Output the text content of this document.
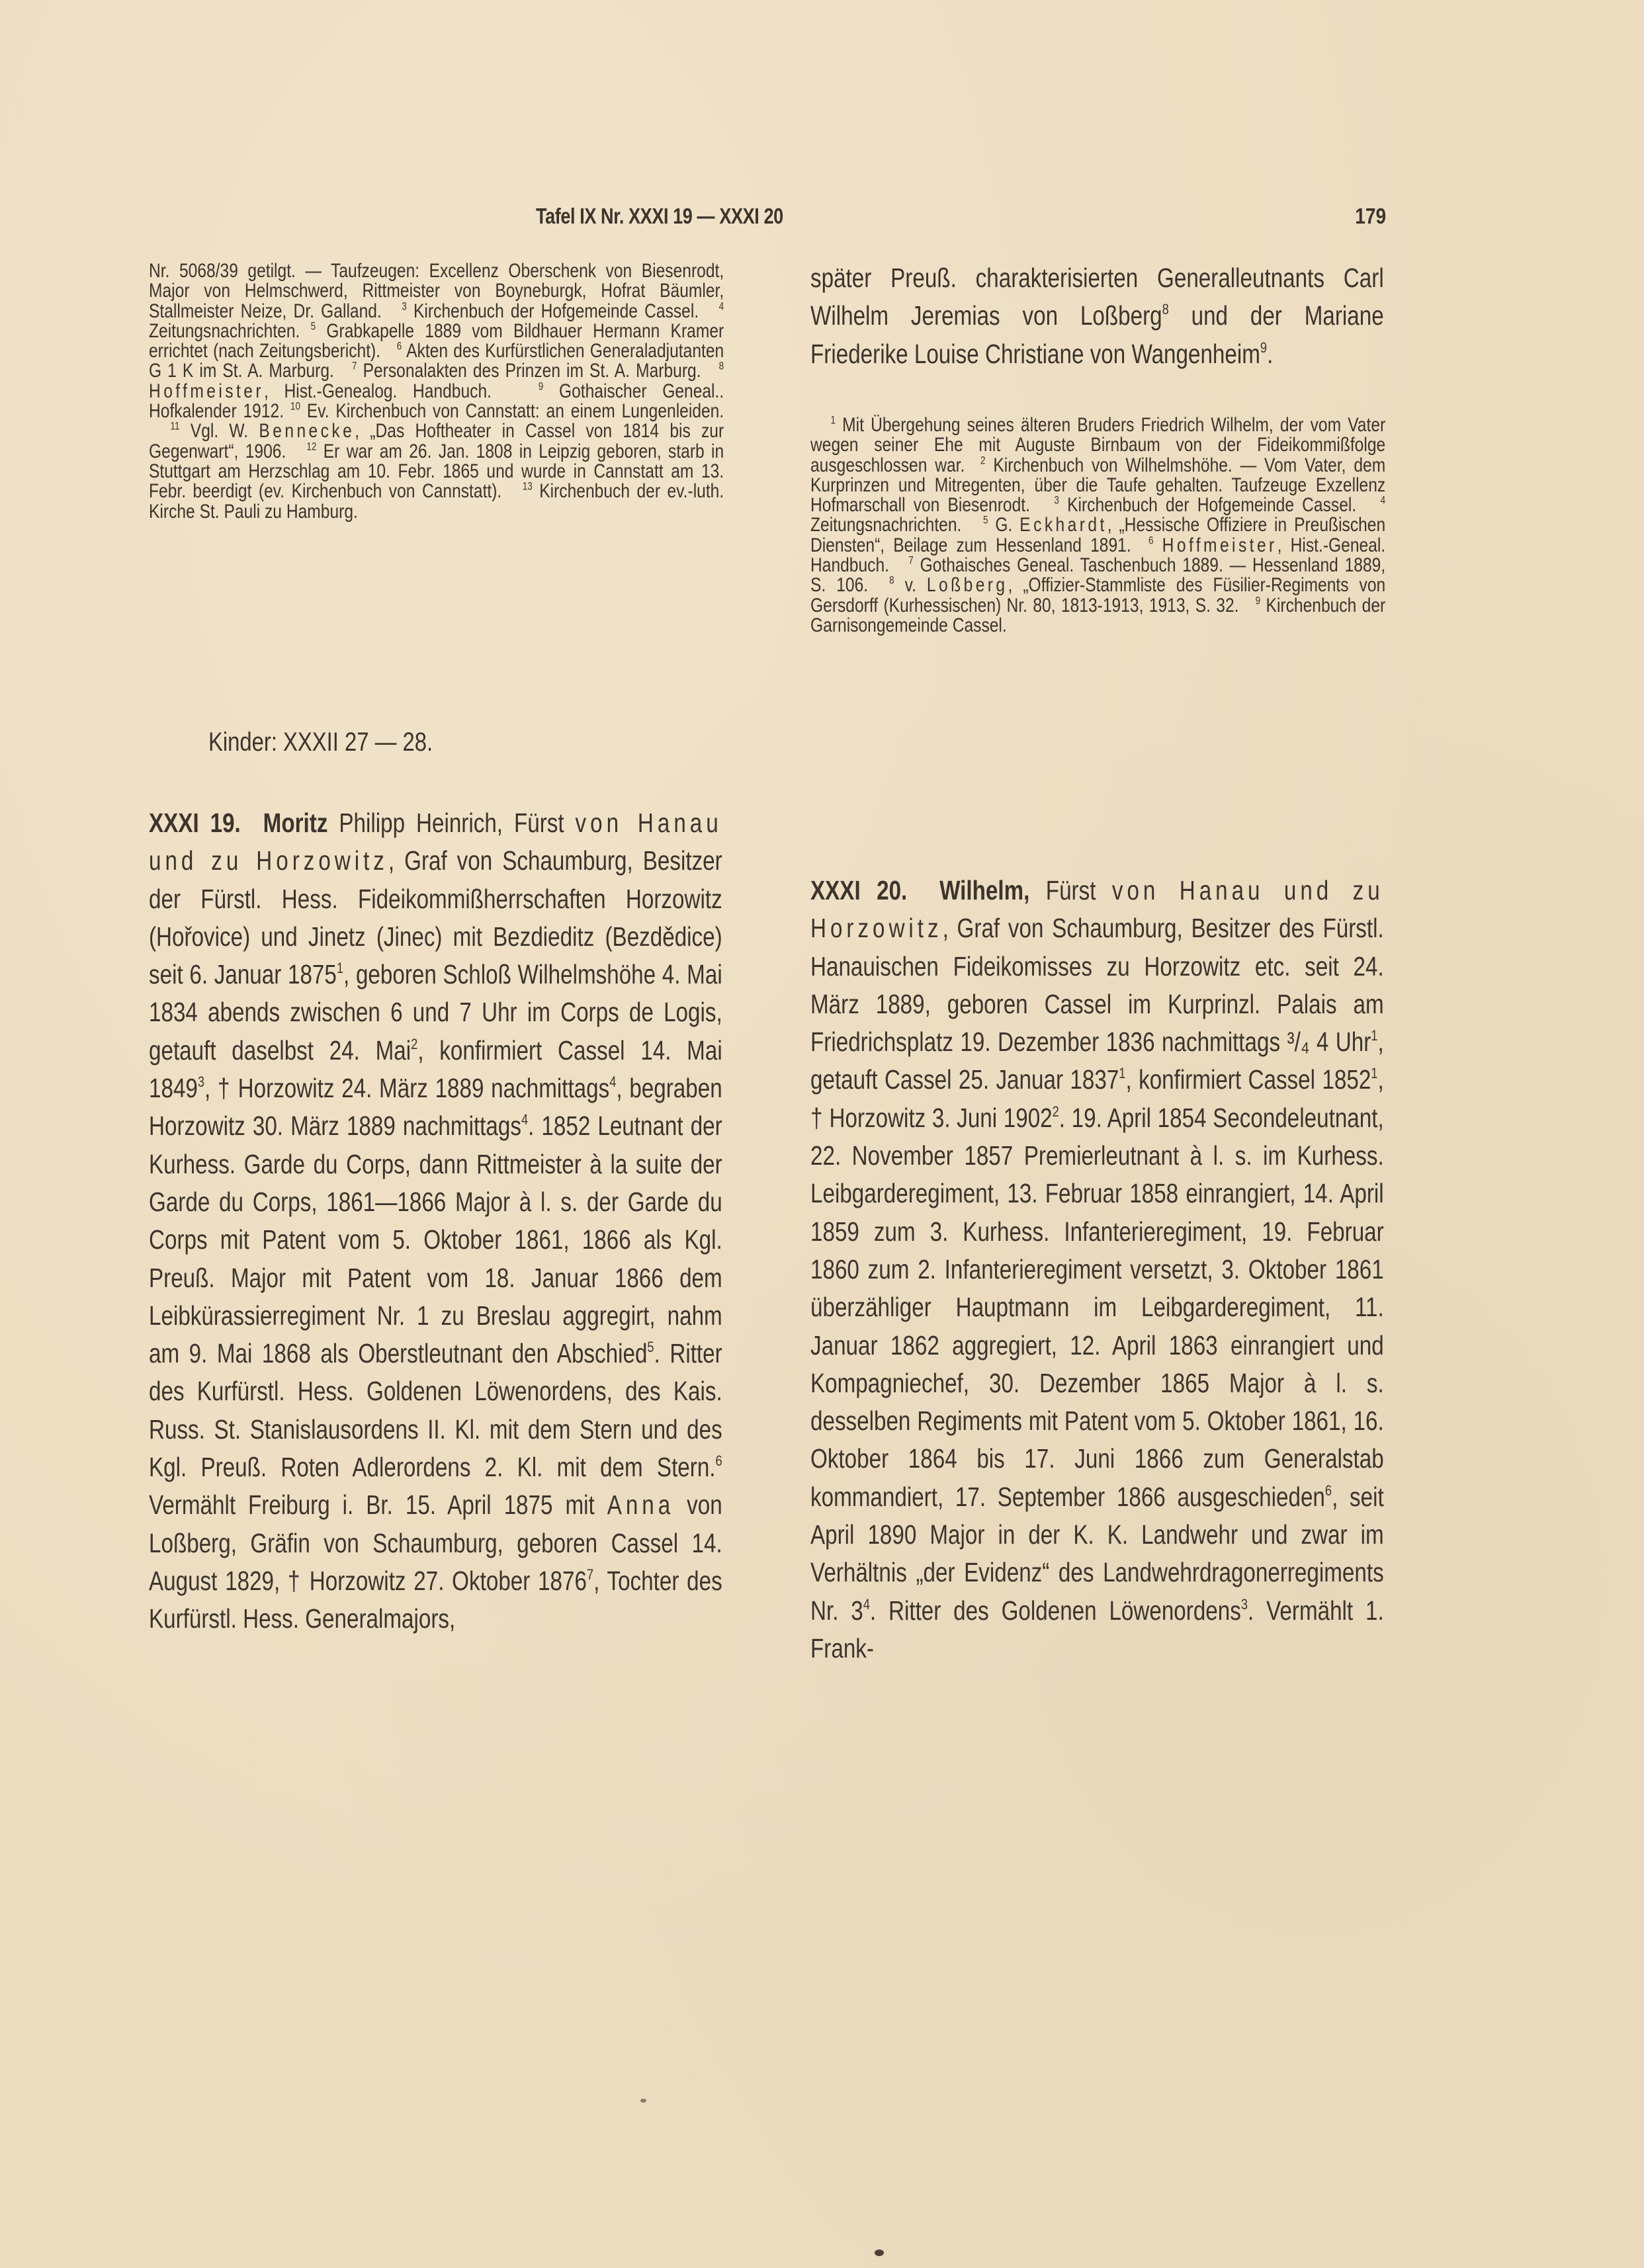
Tafel IX Nr. XXXI 19 — XXXI 20	179
Nr. 5068/39 getilgt. — Taufzeugen: Excellenz Oberschenk von Biesenrodt, Major von Helmschwerd, Rittmeister von Boyneburgk, Hofrat Bäumler, Stallmeister Neize, Dr. Galland. $^3$ Kirchenbuch der Hofgemeinde Cassel. $^4$ Zeitungsnachrichten. $^5$ Grabkapelle 1889 vom Bildhauer Hermann Kramer errichtet (nach Zeitungsbericht). $^6$ Akten des Kurfürstlichen Generaladjutanten G 1 K im St. A. Marburg. $^7$ Personalakten des Prinzen im St. A. Marburg. $^8$ Hoffmeister, Hist.-Genealog. Handbuch.	$^9$ Gothaischer Geneal.. Hofkalender 1912. $^{10}$ Ev. Kirchenbuch von Cannstatt: an einem Lungenleiden.   $^{11}$ Vgl. W. Bennecke, „Das Hoftheater in Cassel von 1814 bis zur Gegenwart“, 1906. $^{12}$ Er war am 26. Jan. 1808 in Leipzig geboren, starb in Stuttgart am Herzschlag am 10. Febr. 1865 und wurde in Cannstatt am 13. Febr. beerdigt (ev. Kirchenbuch von Cannstatt). $^{13}$ Kirchenbuch der ev.-luth. Kirche St. Pauli zu Hamburg.
Kinder: XXXII 27 — 28.
XXXI 19. Moritz Philipp Heinrich, Fürst von Hanau und zu Horzowitz, Graf von Schaumburg, Besitzer der Fürstl. Hess. Fideikommißherrschaften Horzowitz (Hořovice) und Jinetz (Jinec) mit Bezdieditz (Bezdědice) seit 6. Januar 1875$^1$, geboren Schloß Wilhelmshöhe 4. Mai 1834 abends zwischen 6 und 7 Uhr im Corps de Logis, getauft daselbst 24. Mai$^2$, konfirmiert Cassel 14. Mai 1849$^3$, † Horzowitz 24. März 1889 nachmittags$^4$, begraben Horzowitz 30. März 1889 nachmittags$^4$. 1852 Leutnant der Kurhess. Garde du Corps, dann Rittmeister à la suite der Garde du Corps, 1861—1866 Major à l. s. der Garde du Corps mit Patent vom 5. Oktober 1861, 1866 als Kgl. Preuß. Major mit Patent vom 18. Januar 1866 dem Leibkürassierregiment Nr. 1 zu Breslau aggregirt, nahm am 9. Mai 1868 als Oberstleutnant den Abschied$^5$. Ritter des Kurfürstl. Hess. Goldenen Löwenordens, des Kais. Russ. St. Stanislausordens II. Kl. mit dem Stern und des Kgl. Preuß. Roten Adlerordens 2. Kl. mit dem Stern.$^6$ Vermählt Freiburg i. Br. 15. April 1875 mit Anna von Loßberg, Gräfin von Schaumburg, geboren Cassel 14. August 1829, † Horzowitz 27. Oktober 1876$^7$, Tochter des Kurfürstl. Hess. Generalmajors,
später Preuß. charakterisierten Generalleutnants Carl Wilhelm Jeremias von Loßberg$^8$ und der Mariane Friederike Louise Christiane von Wangenheim$^9$.
$^1$ Mit Übergehung seines älteren Bruders Friedrich Wilhelm, der vom Vater wegen seiner Ehe mit Auguste Birnbaum von der Fideikommißfolge ausgeschlossen war. $^2$ Kirchenbuch von Wilhelmshöhe. — Vom Vater, dem Kurprinzen und Mitregenten, über die Taufe gehalten. Taufzeuge Exzellenz Hofmarschall von Biesenrodt. $^3$ Kirchenbuch der Hofgemeinde Cassel. $^4$ Zeitungsnachrichten. $^5$ G. Eckhardt, „Hessische Offiziere in Preußischen Diensten“, Beilage zum Hessenland 1891. $^6$ Hoffmeister, Hist.-Geneal. Handbuch. $^7$ Gothaisches Geneal. Taschenbuch 1889. — Hessenland 1889, S. 106. $^8$ v. Loßberg, „Offizier-Stammliste des Füsilier-Regiments von Gersdorff (Kurhessischen) Nr. 80, 1813-1913, 1913, S. 32. $^9$ Kirchenbuch der Garnisongemeinde Cassel.
XXXI 20. Wilhelm, Fürst von Hanau und zu Horzowitz, Graf von Schaumburg, Besitzer des Fürstl. Hanauischen Fideikomisses zu Horzowitz etc. seit 24. März 1889, geboren Cassel im Kurprinzl. Palais am Friedrichsplatz 19. Dezember 1836 nachmittags ³/₄ 4 Uhr$^1$, getauft Cassel 25. Januar 1837$^1$, konfirmiert Cassel 1852$^1$, † Horzowitz 3. Juni 1902$^2$. 19. April 1854 Secondeleutnant, 22. November 1857 Premierleutnant à l. s. im Kurhess. Leibgarderegiment, 13. Februar 1858 einrangiert, 14. April 1859 zum 3. Kurhess. Infanterieregiment, 19. Februar 1860 zum 2. Infanterieregiment versetzt, 3. Oktober 1861 überzähliger Hauptmann im Leibgarderegiment, 11. Januar 1862 aggregiert, 12. April 1863 einrangiert und Kompagniechef, 30. Dezember 1865 Major à l. s. desselben Regiments mit Patent vom 5. Oktober 1861, 16. Oktober 1864 bis 17. Juni 1866 zum Generalstab kommandiert, 17. September 1866 ausgeschieden$^6$, seit April 1890 Major in der K. K. Landwehr und zwar im Verhältnis „der Evidenz“ des Landwehrdragonerregiments Nr. $3^4$. Ritter des Goldenen Löwenordens$^3$. Vermählt 1. Frank-
